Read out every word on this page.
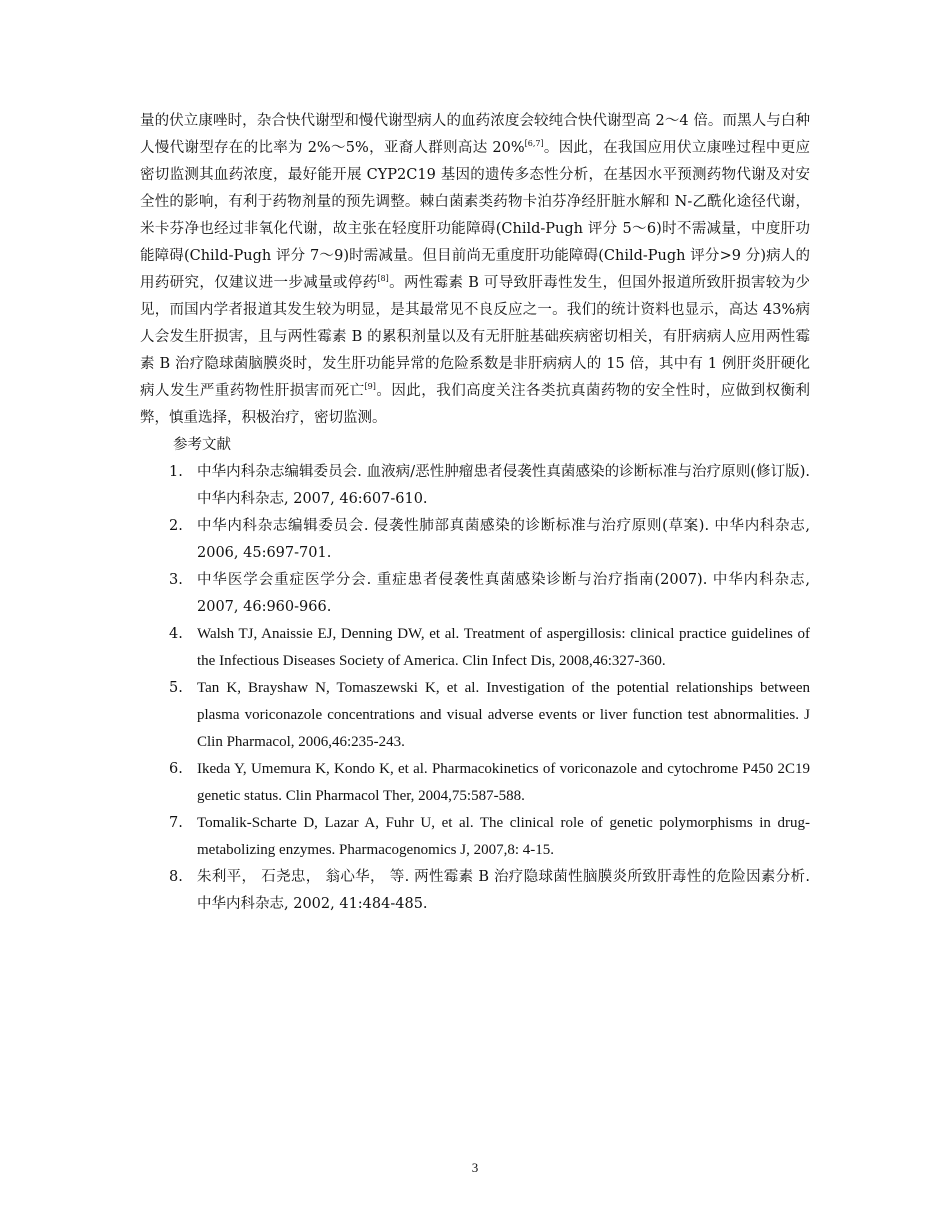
量的伏立康唑时，杂合快代谢型和慢代谢型病人的血药浓度会较纯合快代谢型高 2～4 倍。而黑人与白种人慢代谢型存在的比率为 2%～5%，亚裔人群则高达 20%[6,7]。因此，在我国应用伏立康唑过程中更应密切监测其血药浓度，最好能开展 CYP2C19 基因的遗传多态性分析，在基因水平预测药物代谢及对安全性的影响，有利于药物剂量的预先调整。棘白菌素类药物卡泊芬净经肝脏水解和 N-乙酰化途径代谢，米卡芬净也经过非氧化代谢，故主张在轻度肝功能障碍(Child-Pugh 评分 5～6)时不需减量，中度肝功能障碍(Child-Pugh 评分 7～9)时需减量。但目前尚无重度肝功能障碍(Child-Pugh 评分>9 分)病人的用药研究，仅建议进一步减量或停药[8]。两性霉素 B 可导致肝毒性发生，但国外报道所致肝损害较为少见，而国内学者报道其发生较为明显，是其最常见不良反应之一。我们的统计资料也显示，高达 43%病人会发生肝损害，且与两性霉素 B 的累积剂量以及有无肝脏基础疾病密切相关，有肝病病人应用两性霉素 B 治疗隐球菌脑膜炎时，发生肝功能异常的危险系数是非肝病病人的 15 倍，其中有 1 例肝炎肝硬化病人发生严重药物性肝损害而死亡[9]。因此，我们高度关注各类抗真菌药物的安全性时，应做到权衡利弊，慎重选择，积极治疗，密切监测。

参考文献

1. 中华内科杂志编辑委员会. 血液病/恶性肿瘤患者侵袭性真菌感染的诊断标准与治疗原则(修订版). 中华内科杂志, 2007, 46:607-610.
2. 中华内科杂志编辑委员会. 侵袭性肺部真菌感染的诊断标准与治疗原则(草案). 中华内科杂志, 2006, 45:697-701.
3. 中华医学会重症医学分会. 重症患者侵袭性真菌感染诊断与治疗指南(2007). 中华内科杂志, 2007, 46:960-966.
4. Walsh TJ, Anaissie EJ, Denning DW, et al. Treatment of aspergillosis: clinical practice guidelines of the Infectious Diseases Society of America. Clin Infect Dis, 2008,46:327-360.
5. Tan K, Brayshaw N, Tomaszewski K, et al. Investigation of the potential relationships between plasma voriconazole concentrations and visual adverse events or liver function test abnormalities. J Clin Pharmacol, 2006,46:235-243.
6. Ikeda Y, Umemura K, Kondo K, et al. Pharmacokinetics of voriconazole and cytochrome P450 2C19 genetic status. Clin Pharmacol Ther, 2004,75:587-588.
7. Tomalik-Scharte D, Lazar A, Fuhr U, et al. The clinical role of genetic polymorphisms in drug-metabolizing enzymes. Pharmacogenomics J, 2007,8: 4-15.
8. 朱利平， 石尧忠， 翁心华， 等. 两性霉素 B 治疗隐球菌性脑膜炎所致肝毒性的危险因素分析. 中华内科杂志, 2002, 41:484-485.
3
